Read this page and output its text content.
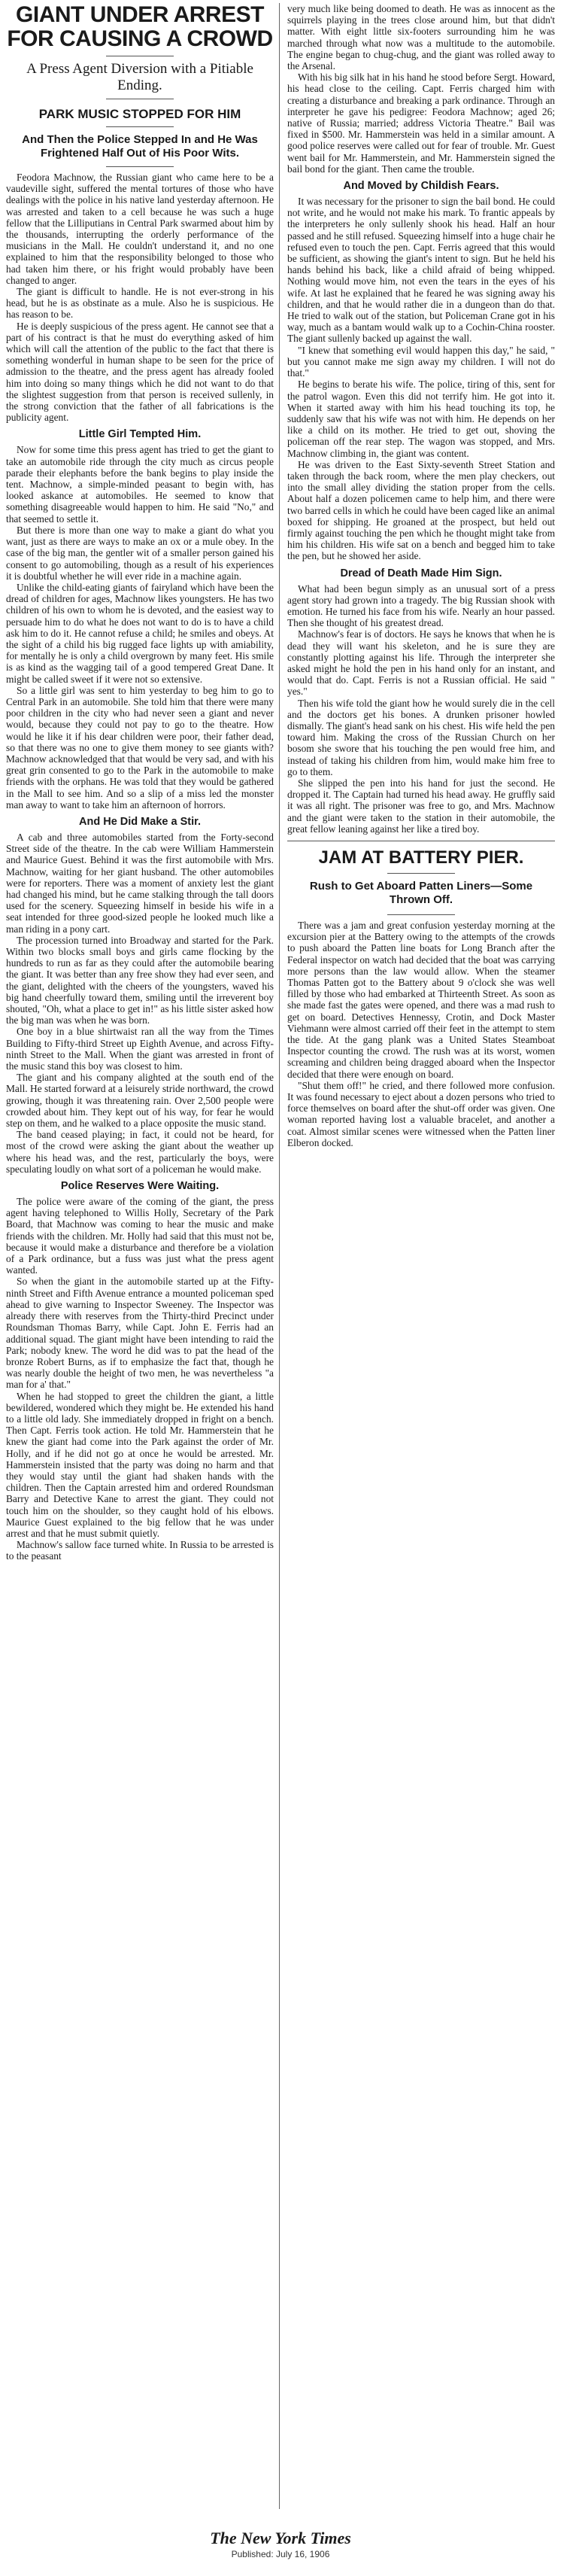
GIANT UNDER ARREST FOR CAUSING A CROWD
A Press Agent Diversion with a Pitiable Ending.
PARK MUSIC STOPPED FOR HIM
And Then the Police Stepped In and He Was Frightened Half Out of His Poor Wits.

Feodora Machnow, the Russian giant who came here to be a vaudeville sight, suffered the mental tortures of those who have dealings with the police in his native land yesterday afternoon. He was arrested and taken to a cell because he was such a huge fellow that the Lilliputians in Central Park swarmed about him by the thousands, interrupting the orderly performance of the musicians in the Mall. He couldn't understand it, and no one explained to him that the responsibility belonged to those who had taken him there, or his fright would probably have been changed to anger.

The giant is difficult to handle. He is not ever-strong in his head, but he is as obstinate as a mule. Also he is suspicious. He has reason to be.

He is deeply suspicious of the press agent. He cannot see that a part of his contract is that he must do everything asked of him which will call the attention of the public to the fact that there is something wonderful in human shape to be seen for the price of admission to the theatre, and the press agent has already fooled him into doing so many things which he did not want to do that the slightest suggestion from that person is received sullenly, in the strong conviction that the father of all fabrications is the publicity agent.

Little Girl Tempted Him.

Now for some time this press agent has tried to get the giant to take an automobile ride through the city much as circus people parade their elephants before the bank begins to play inside the tent. Machnow, a simple-minded peasant to begin with, has looked askance at automobiles. He seemed to know that something disagreeable would happen to him. He said "No," and that seemed to settle it.

But there is more than one way to make a giant do what you want, just as there are ways to make an ox or a mule obey. In the case of the big man, the gentler wit of a smaller person gained his consent to go automobiling, though as a result of his experiences it is doubtful whether he will ever ride in a machine again.

Unlike the child-eating giants of fairyland which have been the dread of children for ages, Machnow likes youngsters. He has two children of his own to whom he is devoted, and the easiest way to persuade him to do what he does not want to do is to have a child ask him to do it. He cannot refuse a child; he smiles and obeys. At the sight of a child his big rugged face lights up with amiability, for mentally he is only a child overgrown by many feet. His smile is as kind as the wagging tail of a good tempered Great Dane. It might be called sweet if it were not so extensive.

So a little girl was sent to him yesterday to beg him to go to Central Park in an automobile. She told him that there were many poor children in the city who had never seen a giant and never would, because they could not pay to go to the theatre. How would he like it if his dear children were poor, their father dead, so that there was no one to give them money to see giants with? Machnow acknowledged that that would be very sad, and with his great grin consented to go to the Park in the automobile to make friends with the orphans. He was told that they would be gathered in the Mall to see him. And so a slip of a miss led the monster man away to want to take him an afternoon of horrors.

And He Did Make a Stir.

A cab and three automobiles started from the Forty-second Street side of the theatre. In the cab were William Hammerstein and Maurice Guest. Behind it was the first automobile with Mrs. Machnow, waiting for her giant husband. The other automobiles were for reporters. There was a moment of anxiety lest the giant had changed his mind, but he came stalking through the tall doors used for the scenery. Squeezing himself in beside his wife in a seat intended for three good-sized people he looked much like a man riding in a pony cart.

The procession turned into Broadway and started for the Park. Within two blocks small boys and girls came flocking by the hundreds to run as far as they could after the automobile bearing the giant. It was better than any free show they had ever seen, and the giant, delighted with the cheers of the youngsters, waved his big hand cheerfully toward them, smiling until the irreverent boy shouted, "Oh, what a place to get in!" as his little sister asked how the big man was when he was born.

One boy in a blue shirtwaist ran all the way from the Times Building to Fifty-third Street up Eighth Avenue, and across Fifty-ninth Street to the Mall. When the giant was arrested in front of the music stand this boy was closest to him.

The giant and his company alighted at the south end of the Mall. He started forward at a leisurely stride northward, the crowd growing, though it was threatening rain. Over 2,500 people were crowded about him. They kept out of his way, for fear he would step on them, and he walked to a place opposite the music stand.

The band ceased playing; in fact, it could not be heard, for most of the crowd were asking the giant about the weather up where his head was, and the rest, particularly the boys, were speculating loudly on what sort of a policeman he would make.

Police Reserves Were Waiting.

The police were aware of the coming of the giant, the press agent having telephoned to Willis Holly, Secretary of the Park Board, that Machnow was coming to hear the music and make friends with the children. Mr. Holly had said that this must not be, because it would make a disturbance and therefore be a violation of a Park ordinance, but a fuss was just what the press agent wanted.

So when the giant in the automobile started up at the Fifty-ninth Street and Fifth Avenue entrance a mounted policeman sped ahead to give warning to Inspector Sweeney. The Inspector was already there with reserves from the Thirty-third Precinct under Roundsman Thomas Barry, while Capt. John E. Ferris had an additional squad. The giant might have been intending to raid the Park; nobody knew. The word he did was to pat the head of the bronze Robert Burns, as if to emphasize the fact that, though he was nearly double the height of two men, he was nevertheless "a man for a' that."

When he had stopped to greet the children the giant, a little bewildered, wondered which they might be. He extended his hand to a little old lady. She immediately dropped in fright on a bench. Then Capt. Ferris took action. He told Mr. Hammerstein that he knew the giant had come into the Park against the order of Mr. Holly, and if he did not go at once he would be arrested. Mr. Hammerstein insisted that the party was doing no harm and that they would stay until the giant had shaken hands with the children. Then the Captain arrested him and ordered Roundsman Barry and Detective Kane to arrest the giant. They could not touch him on the shoulder, so they caught hold of his elbows. Maurice Guest explained to the big fellow that he was under arrest and that he must submit quietly.

Machnow's sallow face turned white. In Russia to be arrested is to the peasant

very much like being doomed to death. He was as innocent as the squirrels playing in the trees close around him, but that didn't matter. With eight little six-footers surrounding him he was marched through what now was a multitude to the automobile. The engine began to chug-chug, and the giant was rolled away to the Arsenal.

With his big silk hat in his hand he stood before Sergt. Howard, his head close to the ceiling. Capt. Ferris charged him with creating a disturbance and breaking a park ordinance. Through an interpreter he gave his pedigree: Feodora Machnow; aged 26; native of Russia; married; address Victoria Theatre." Bail was fixed in $500. Mr. Hammerstein was held in a similar amount. A good police reserves were called out for fear of trouble. Mr. Guest went bail for Mr. Hammerstein, and Mr. Hammerstein signed the bail bond for the giant. Then came the trouble.

And Moved by Childish Fears.

It was necessary for the prisoner to sign the bail bond. He could not write, and he would not make his mark. To frantic appeals by the interpreters he only sullenly shook his head. Half an hour passed and he still refused. Squeezing himself into a huge chair he refused even to touch the pen. Capt. Ferris agreed that this would be sufficient, as showing the giant's intent to sign. But he held his hands behind his back, like a child afraid of being whipped. Nothing would move him, not even the tears in the eyes of his wife. At last he explained that he feared he was signing away his children, and that he would rather die in a dungeon than do that. He tried to walk out of the station, but Policeman Crane got in his way, much as a bantam would walk up to a Cochin-China rooster. The giant sullenly backed up against the wall.

"I knew that something evil would happen this day," he said, " but you cannot make me sign away my children. I will not do that."

He begins to berate his wife. The police, tiring of this, sent for the patrol wagon. Even this did not terrify him. He got into it. When it started away with him his head touching its top, he suddenly saw that his wife was not with him. He depends on her like a child on its mother. He tried to get out, shoving the policeman off the rear step. The wagon was stopped, and Mrs. Machnow climbing in, the giant was content.

He was driven to the East Sixty-seventh Street Station and taken through the back room, where the men play checkers, out into the small alley dividing the station proper from the cells. About half a dozen policemen came to help him, and there were two barred cells in which he could have been caged like an animal boxed for shipping. He groaned at the prospect, but held out firmly against touching the pen which he thought might take from him his children. His wife sat on a bench and begged him to take the pen, but he showed her aside.

Dread of Death Made Him Sign.

What had been begun simply as an unusual sort of a press agent story had grown into a tragedy. The big Russian shook with emotion. He turned his face from his wife. Nearly an hour passed. Then she thought of his greatest dread.

Machnow's fear is of doctors. He says he knows that when he is dead they will want his skeleton, and he is sure they are constantly plotting against his life. Through the interpreter she asked might he hold the pen in his hand only for an instant, and would that do. Capt. Ferris is not a Russian official. He said " yes."

Then his wife told the giant how he would surely die in the cell and the doctors get his bones. A drunken prisoner howled dismally. The giant's head sank on his chest. His wife held the pen toward him. Making the cross of the Russian Church on her bosom she swore that his touching the pen would free him, and instead of taking his children from him, would make him free to go to them.

She slipped the pen into his hand for just the second. He dropped it. The Captain had turned his head away. He gruffly said it was all right. The prisoner was free to go, and Mrs. Machnow and the giant were taken to the station in their automobile, the great fellow leaning against her like a tired boy.

JAM AT BATTERY PIER.
Rush to Get Aboard Patten Liners—Some Thrown Off.

There was a jam and great confusion yesterday morning at the excursion pier at the Battery owing to the attempts of the crowds to push aboard the Patten line boats for Long Branch after the Federal inspector on watch had decided that the boat was carrying more persons than the law would allow. When the steamer Thomas Patten got to the Battery about 9 o'clock she was well filled by those who had embarked at Thirteenth Street. As soon as she made fast the gates were opened, and there was a mad rush to get on board. Detectives Hennessy, Crotin, and Dock Master Viehmann were almost carried off their feet in the attempt to stem the tide. At the gang plank was a United States Steamboat Inspector counting the crowd. The rush was at its worst, women screaming and children being dragged aboard when the Inspector decided that there were enough on board.

"Shut them off!" he cried, and there followed more confusion. It was found necessary to eject about a dozen persons who tried to force themselves on board after the shut-off order was given. One woman reported having lost a valuable bracelet, and another a coat. Almost similar scenes were witnessed when the Patten liner Elberon docked.

The New York Times
Published: July 16, 1906
